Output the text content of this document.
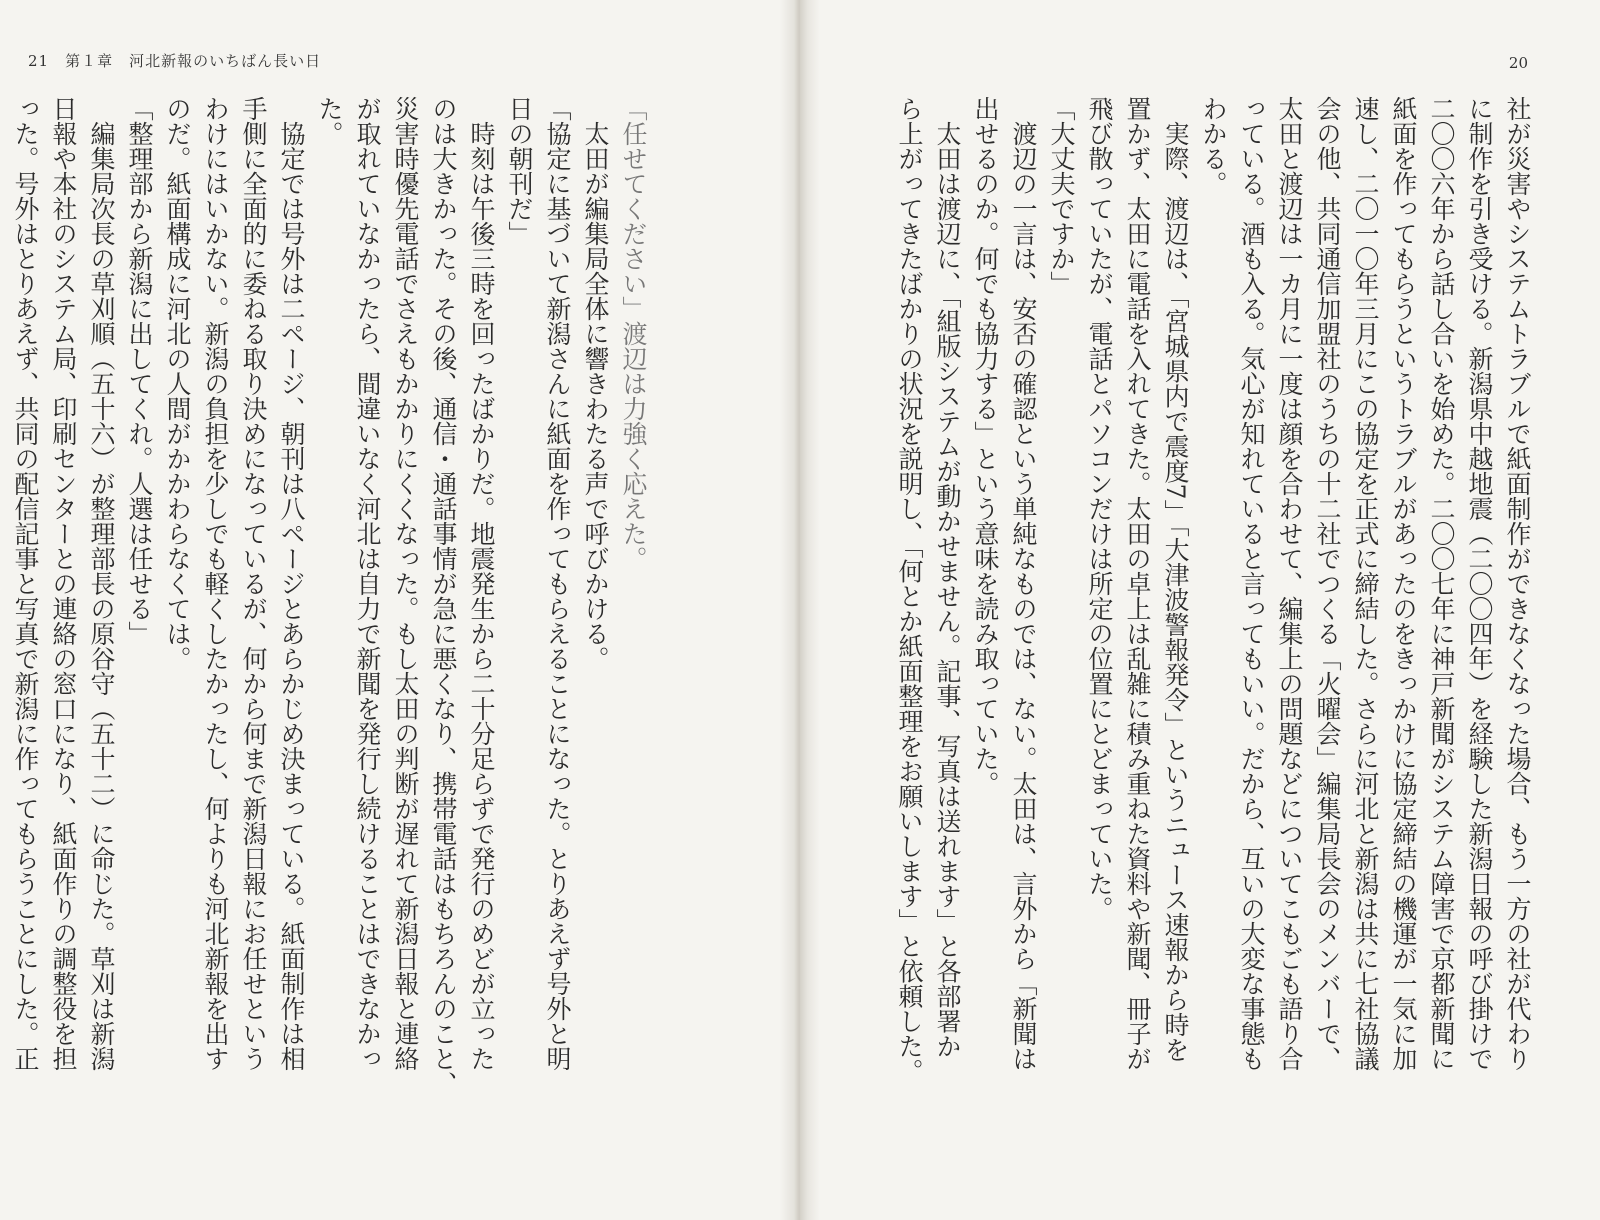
21　第１章　河北新報のいちばん長い日
「任せてください」渡辺は力強く応えた。
　太田が編集局全体に響きわたる声で呼びかける。
「協定に基づいて新潟さんに紙面を作ってもらえることになった。とりあえず号外と明
日の朝刊だ」
　時刻は午後三時を回ったばかりだ。地震発生から二十分足らずで発行のめどが立った
のは大きかった。その後、通信・通話事情が急に悪くなり、携帯電話はもちろんのこと、
災害時優先電話でさえもかかりにくくなった。もし太田の判断が遅れて新潟日報と連絡
が取れていなかったら、間違いなく河北は自力で新聞を発行し続けることはできなかっ
た。
　協定では号外は二ページ、朝刊は八ページとあらかじめ決まっている。紙面制作は相
手側に全面的に委ねる取り決めになっているが、何から何まで新潟日報にお任せという
わけにはいかない。新潟の負担を少しでも軽くしたかったし、何よりも河北新報を出す
のだ。紙面構成に河北の人間がかかわらなくては。
「整理部から新潟に出してくれ。人選は任せる」
　編集局次長の草刈順（五十六）が整理部長の原谷守（五十二）に命じた。草刈は新潟
日報や本社のシステム局、印刷センターとの連絡の窓口になり、紙面作りの調整役を担
った。号外はとりあえず、共同の配信記事と写真で新潟に作ってもらうことにした。正
20
社が災害やシステムトラブルで紙面制作ができなくなった場合、もう一方の社が代わり
に制作を引き受ける。新潟県中越地震（二〇〇四年）を経験した新潟日報の呼び掛けで
二〇〇六年から話し合いを始めた。二〇〇七年に神戸新聞がシステム障害で京都新聞に
紙面を作ってもらうというトラブルがあったのをきっかけに協定締結の機運が一気に加
速し、二〇一〇年三月にこの協定を正式に締結した。さらに河北と新潟は共に七社協議
会の他、共同通信加盟社のうちの十二社でつくる「火曜会」編集局長会のメンバーで、
太田と渡辺は一カ月に一度は顔を合わせて、編集上の問題などについてこもごも語り合
っている。酒も入る。気心が知れていると言ってもいい。だから、互いの大変な事態も
わかる。
　実際、渡辺は、「宮城県内で震度7」「大津波警報発令」というニュース速報から時を
置かず、太田に電話を入れてきた。太田の卓上は乱雑に積み重ねた資料や新聞、冊子が
飛び散っていたが、電話とパソコンだけは所定の位置にとどまっていた。
「大丈夫ですか」
　渡辺の一言は、安否の確認という単純なものでは、ない。太田は、言外から「新聞は
出せるのか。何でも協力する」という意味を読み取っていた。
　太田は渡辺に、「組版システムが動かせません。記事、写真は送れます」と各部署か
ら上がってきたばかりの状況を説明し、「何とか紙面整理をお願いします」と依頼した。
